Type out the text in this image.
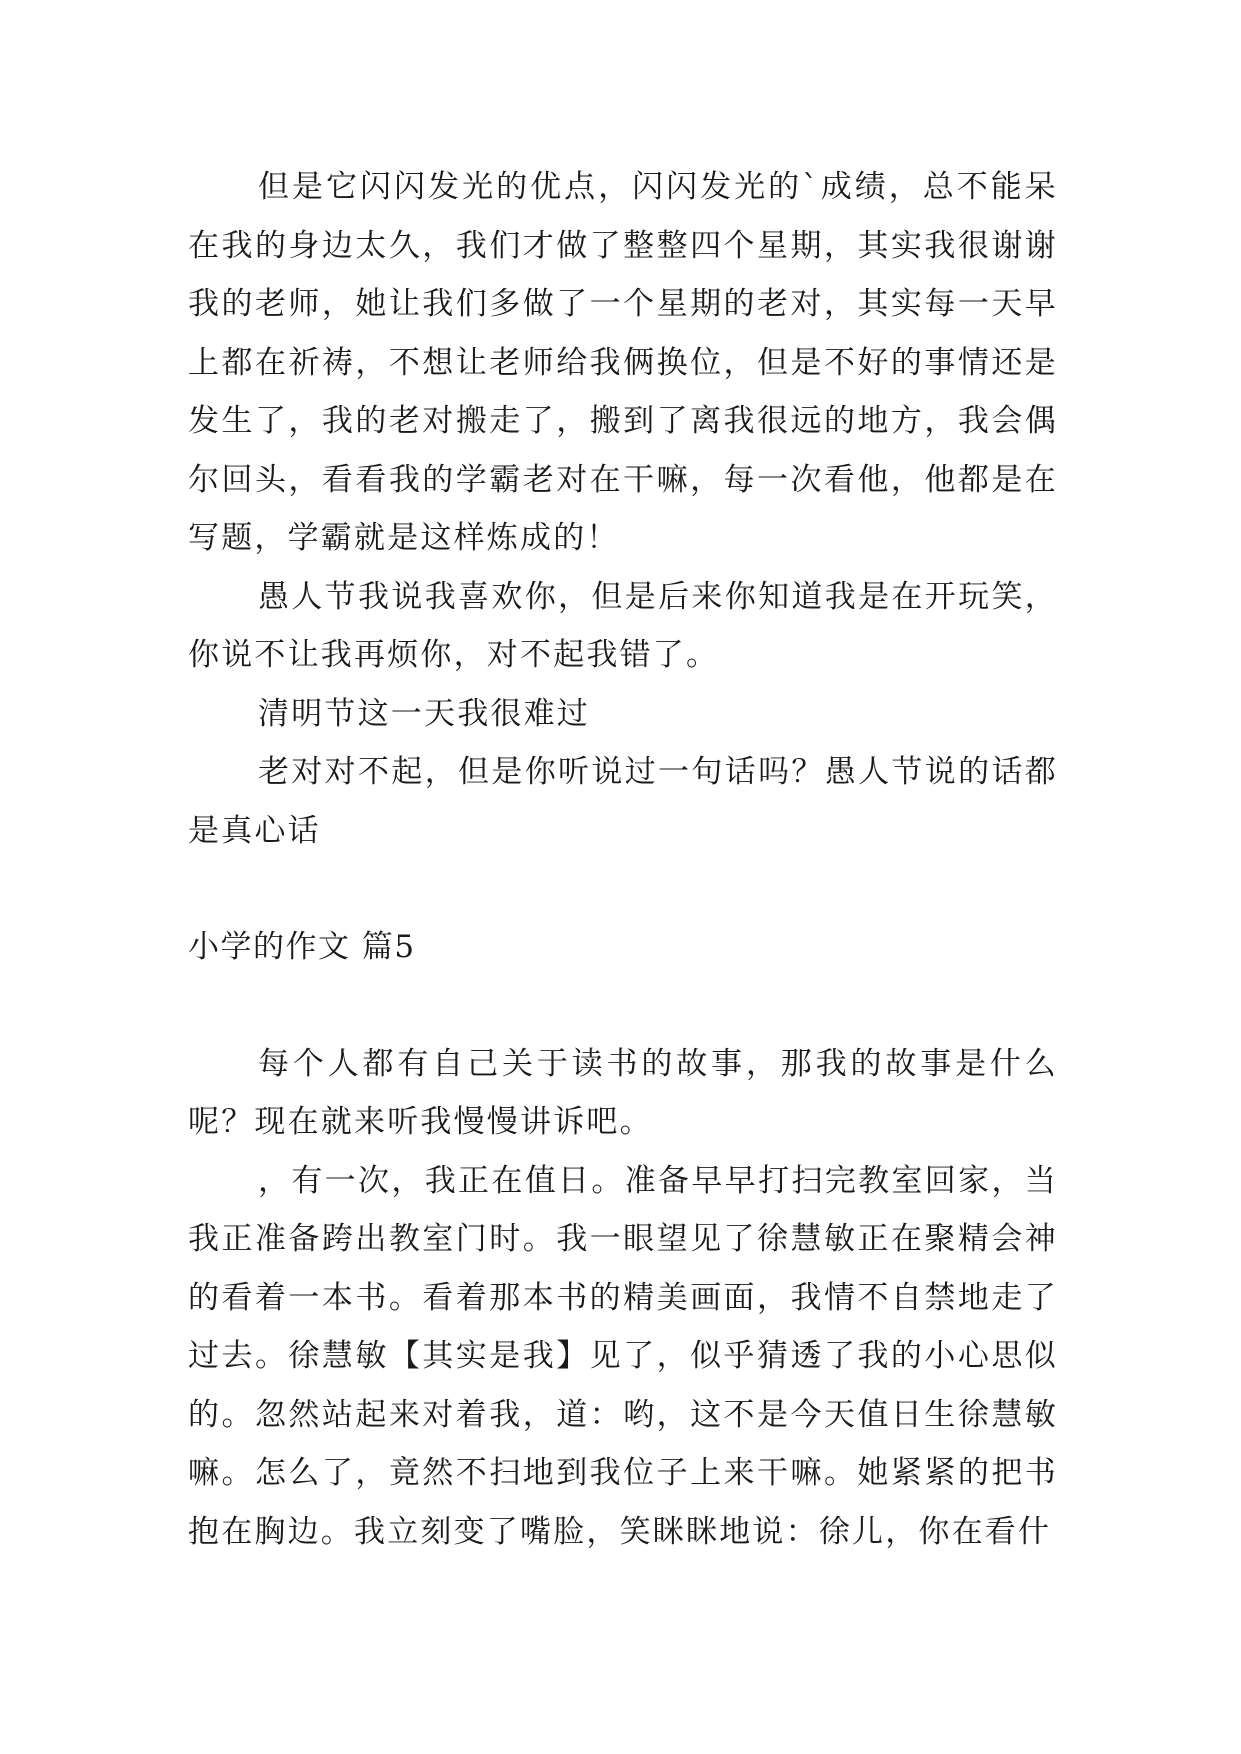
但是它闪闪发光的优点，闪闪发光的`成绩，总不能呆在我的身边太久，我们才做了整整四个星期，其实我很谢谢我的老师，她让我们多做了一个星期的老对，其实每一天早上都在祈祷，不想让老师给我俩换位，但是不好的事情还是发生了，我的老对搬走了，搬到了离我很远的地方，我会偶尔回头，看看我的学霸老对在干嘛，每一次看他，他都是在写题，学霸就是这样炼成的！

愚人节我说我喜欢你，但是后来你知道我是在开玩笑，你说不让我再烦你，对不起我错了。

清明节这一天我很难过

老对对不起，但是你听说过一句话吗？愚人节说的话都是真心话

小学的作文 篇5

每个人都有自己关于读书的故事，那我的故事是什么呢？现在就来听我慢慢讲诉吧。

，有一次，我正在值日。准备早早打扫完教室回家，当我正准备跨出教室门时。我一眼望见了徐慧敏正在聚精会神的看着一本书。看着那本书的精美画面，我情不自禁地走了过去。徐慧敏【其实是我】见了，似乎猜透了我的小心思似的。忽然站起来对着我，道：哟，这不是今天值日生徐慧敏嘛。怎么了，竟然不扫地到我位子上来干嘛。她紧紧的把书抱在胸边。我立刻变了嘴脸，笑眯眯地说：徐儿，你在看什
